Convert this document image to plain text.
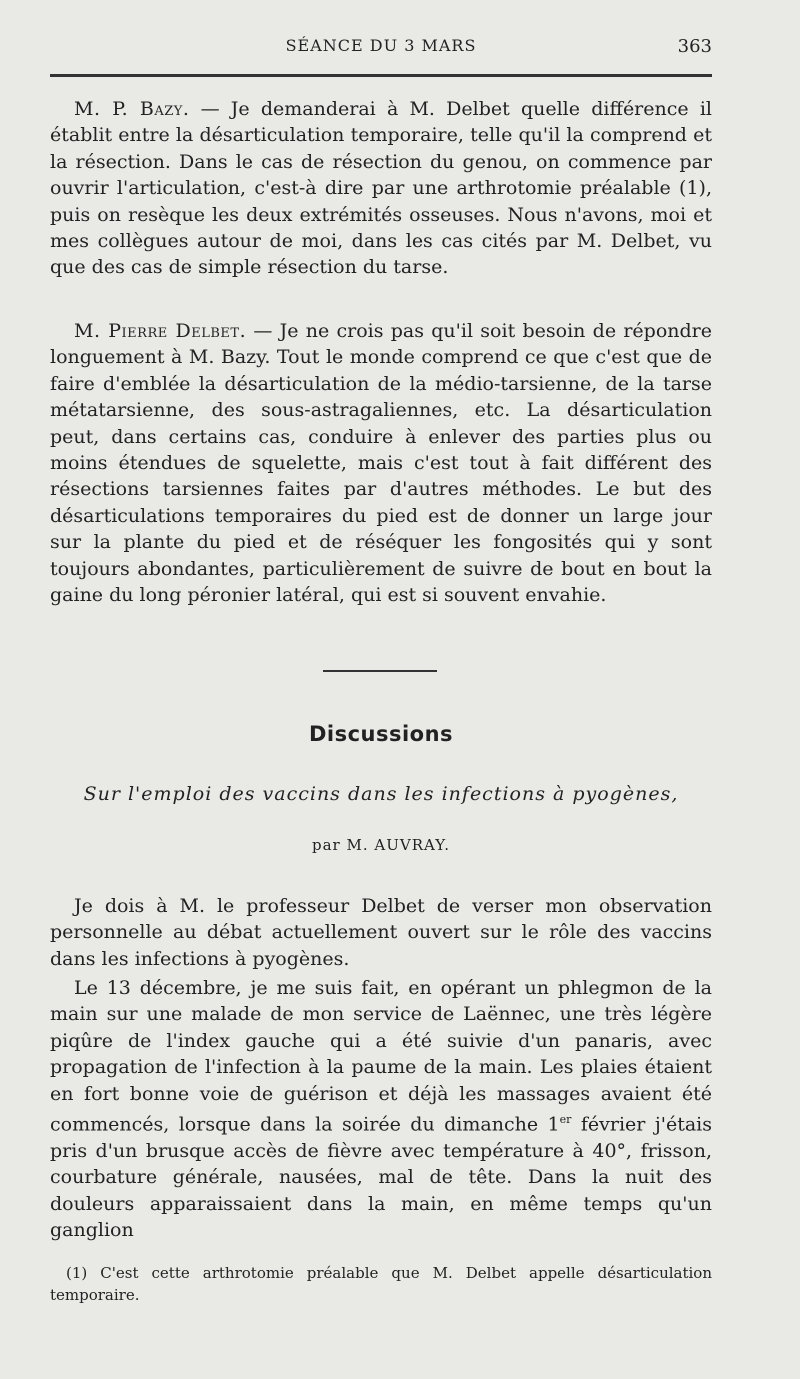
SÉANCE DU 3 MARS	363

M. P. Bazy. — Je demanderai à M. Delbet quelle différence il établit entre la désarticulation temporaire, telle qu'il la comprend et la résection. Dans le cas de résection du genou, on commence par ouvrir l'articulation, c'est-à dire par une arthrotomie préalable (1), puis on resèque les deux extrémités osseuses. Nous n'avons, moi et mes collègues autour de moi, dans les cas cités par M. Delbet, vu que des cas de simple résection du tarse.

M. Pierre Delbet. — Je ne crois pas qu'il soit besoin de répondre longuement à M. Bazy. Tout le monde comprend ce que c'est que de faire d'emblée la désarticulation de la médio-tarsienne, de la tarse métatarsienne, des sous-astragaliennes, etc. La désarticulation peut, dans certains cas, conduire à enlever des parties plus ou moins étendues de squelette, mais c'est tout à fait différent des résections tarsiennes faites par d'autres méthodes. Le but des désarticulations temporaires du pied est de donner un large jour sur la plante du pied et de réséquer les fongosités qui y sont toujours abondantes, particulièrement de suivre de bout en bout la gaine du long péronier latéral, qui est si souvent envahie.

Discussions
Sur l'emploi des vaccins dans les infections à pyogènes,
par M. AUVRAY.

Je dois à M. le professeur Delbet de verser mon observation personnelle au débat actuellement ouvert sur le rôle des vaccins dans les infections à pyogènes.

Le 13 décembre, je me suis fait, en opérant un phlegmon de la main sur une malade de mon service de Laënnec, une très légère piqûre de l'index gauche qui a été suivie d'un panaris, avec propagation de l'infection à la paume de la main. Les plaies étaient en fort bonne voie de guérison et déjà les massages avaient été commencés, lorsque dans la soirée du dimanche 1er février j'étais pris d'un brusque accès de fièvre avec température à 40°, frisson, courbature générale, nausées, mal de tête. Dans la nuit des douleurs apparaissaient dans la main, en même temps qu'un ganglion

(1) C'est cette arthrotomie préalable que M. Delbet appelle désarticulation temporaire.
